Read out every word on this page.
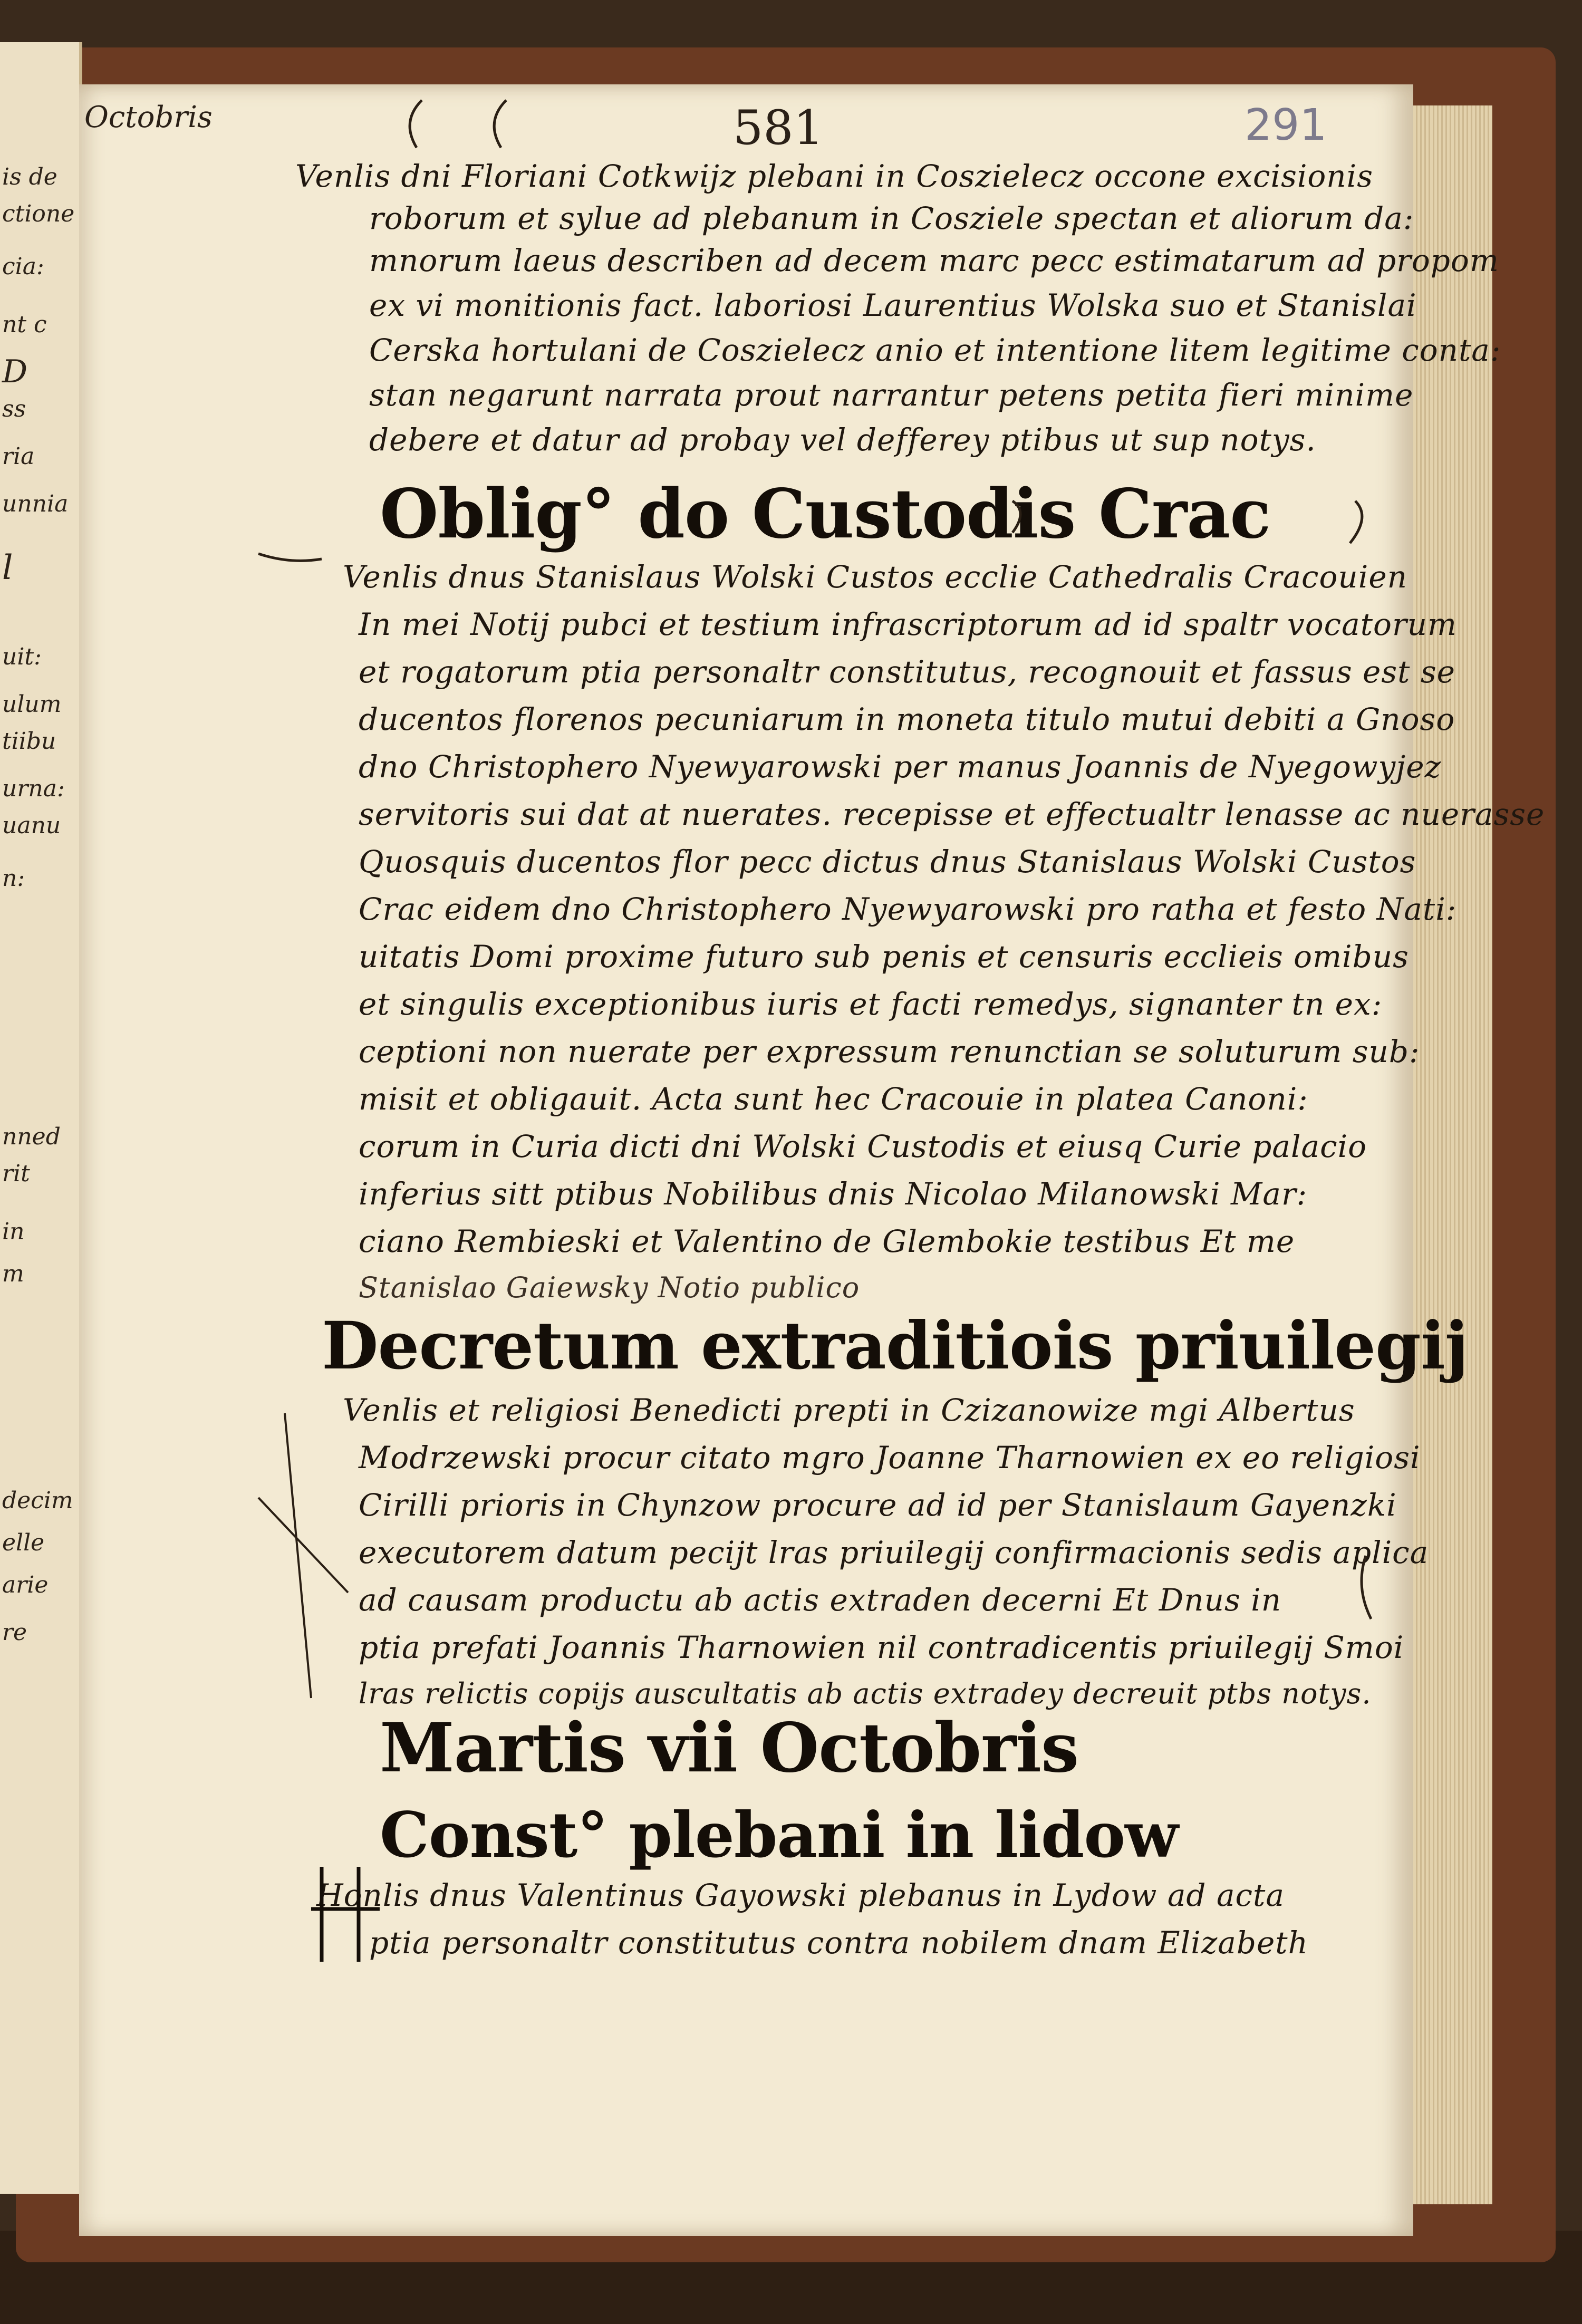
is de
ctione
cia:
nt c
D
ss
ria
unnia
l
uit:
ulum
tiibu
urna:
uanu
n:
nned
rit
in
m
decim
elle
arie
re
Octobris	581	291
Venlis dni Floriani Cotkwijz plebani in Coszielecz occone excisionis
roborum et sylue ad plebanum in Cosziele spectan et aliorum da:
mnorum laeus describen ad decem marc pecc estimatarum ad propom
ex vi monitionis fact. laboriosi Laurentius Wolska suo et Stanislai
Cerska hortulani de Coszielecz anio et intentione litem legitime conta:
stan negarunt narrata prout narrantur petens petita fieri minime
debere et datur ad probay vel defferey ptibus ut sup notys.
Oblig° do Custodis Crac
Venlis dnus Stanislaus Wolski Custos ecclie Cathedralis Cracouien
In mei Notij pubci et testium infrascriptorum ad id spaltr vocatorum
et rogatorum ptia personaltr constitutus, recognouit et fassus est se
ducentos florenos pecuniarum in moneta titulo mutui debiti a Gnoso
dno Christophero Nyewyarowski per manus Joannis de Nyegowyjez
servitoris sui dat at nuerates. recepisse et effectualtr lenasse ac nuerasse
Quosquis ducentos flor pecc dictus dnus Stanislaus Wolski Custos
Crac eidem dno Christophero Nyewyarowski pro ratha et festo Nati:
uitatis Domi proxime futuro sub penis et censuris ecclieis omibus
et singulis exceptionibus iuris et facti remedys, signanter tn ex:
ceptioni non nuerate per expressum renunctian se soluturum sub:
misit et obligauit. Acta sunt hec Cracouie in platea Canoni:
corum in Curia dicti dni Wolski Custodis et eiusq Curie palacio
inferius sitt ptibus Nobilibus dnis Nicolao Milanowski Mar:
ciano Rembieski et Valentino de Glembokie testibus Et me
Stanislao Gaiewsky Notio publico
Decretum extraditiois priuilegij
Venlis et religiosi Benedicti prepti in Czizanowize mgi Albertus
Modrzewski procur citato mgro Joanne Tharnowien ex eo religiosi
Cirilli prioris in Chynzow procure ad id per Stanislaum Gayenzki
executorem datum pecijt lras priuilegij confirmacionis sedis aplica
ad causam productu ab actis extraden decerni Et Dnus in
ptia prefati Joannis Tharnowien nil contradicentis priuilegij Smoi
lras relictis copijs auscultatis ab actis extradey decreuit ptbs notys.
Martis vii Octobris
Const° plebani in lidow
Honlis dnus Valentinus Gayowski plebanus in Lydow ad acta
ptia personaltr constitutus contra nobilem dnam Elizabeth
